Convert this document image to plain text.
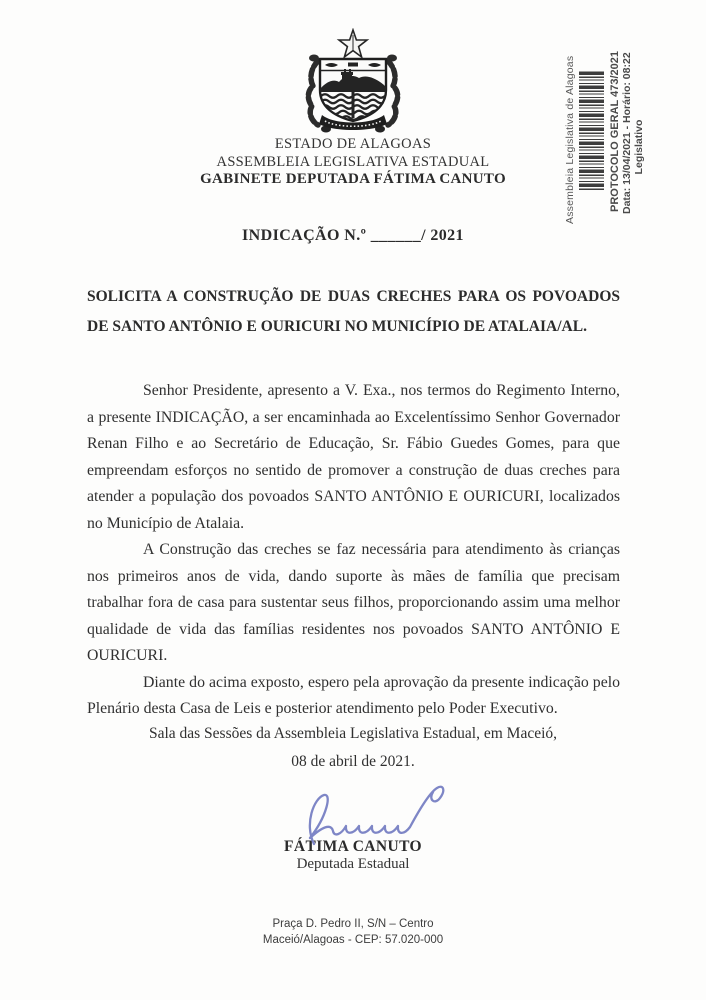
ESTADO DE ALAGOAS
ASSEMBLEIA LEGISLATIVA ESTADUAL
GABINETE DEPUTADA FÁTIMA CANUTO	Assembleia Legislativa de Alagoas	PROTOCOLO GERAL 473/2021 Data: 13/04/2021 - Horário: 08:22 Legislativo
INDICAÇÃO N.º ______/ 2021
SOLICITA A CONSTRUÇÃO DE DUAS CRECHES PARA OS POVOADOS DE SANTO ANTÔNIO E OURICURI NO MUNICÍPIO DE ATALAIA/AL.

Senhor Presidente, apresento a V. Exa., nos termos do Regimento Interno, a presente INDICAÇÃO, a ser encaminhada ao Excelentíssimo Senhor Governador Renan Filho e ao Secretário de Educação, Sr. Fábio Guedes Gomes, para que empreendam esforços no sentido de promover a construção de duas creches para atender a população dos povoados SANTO ANTÔNIO E OURICURI, localizados no Município de Atalaia.

A Construção das creches se faz necessária para atendimento às crianças nos primeiros anos de vida, dando suporte às mães de família que precisam trabalhar fora de casa para sustentar seus filhos, proporcionando assim uma melhor qualidade de vida das famílias residentes nos povoados SANTO ANTÔNIO E OURICURI.

Diante do acima exposto, espero pela aprovação da presente indicação pelo Plenário desta Casa de Leis e posterior atendimento pelo Poder Executivo.

Sala das Sessões da Assembleia Legislativa Estadual, em Maceió,
08 de abril de 2021.
FÁTIMA CANUTO
Deputada Estadual
Praça D. Pedro II, S/N – Centro
Maceió/Alagoas - CEP: 57.020-000
